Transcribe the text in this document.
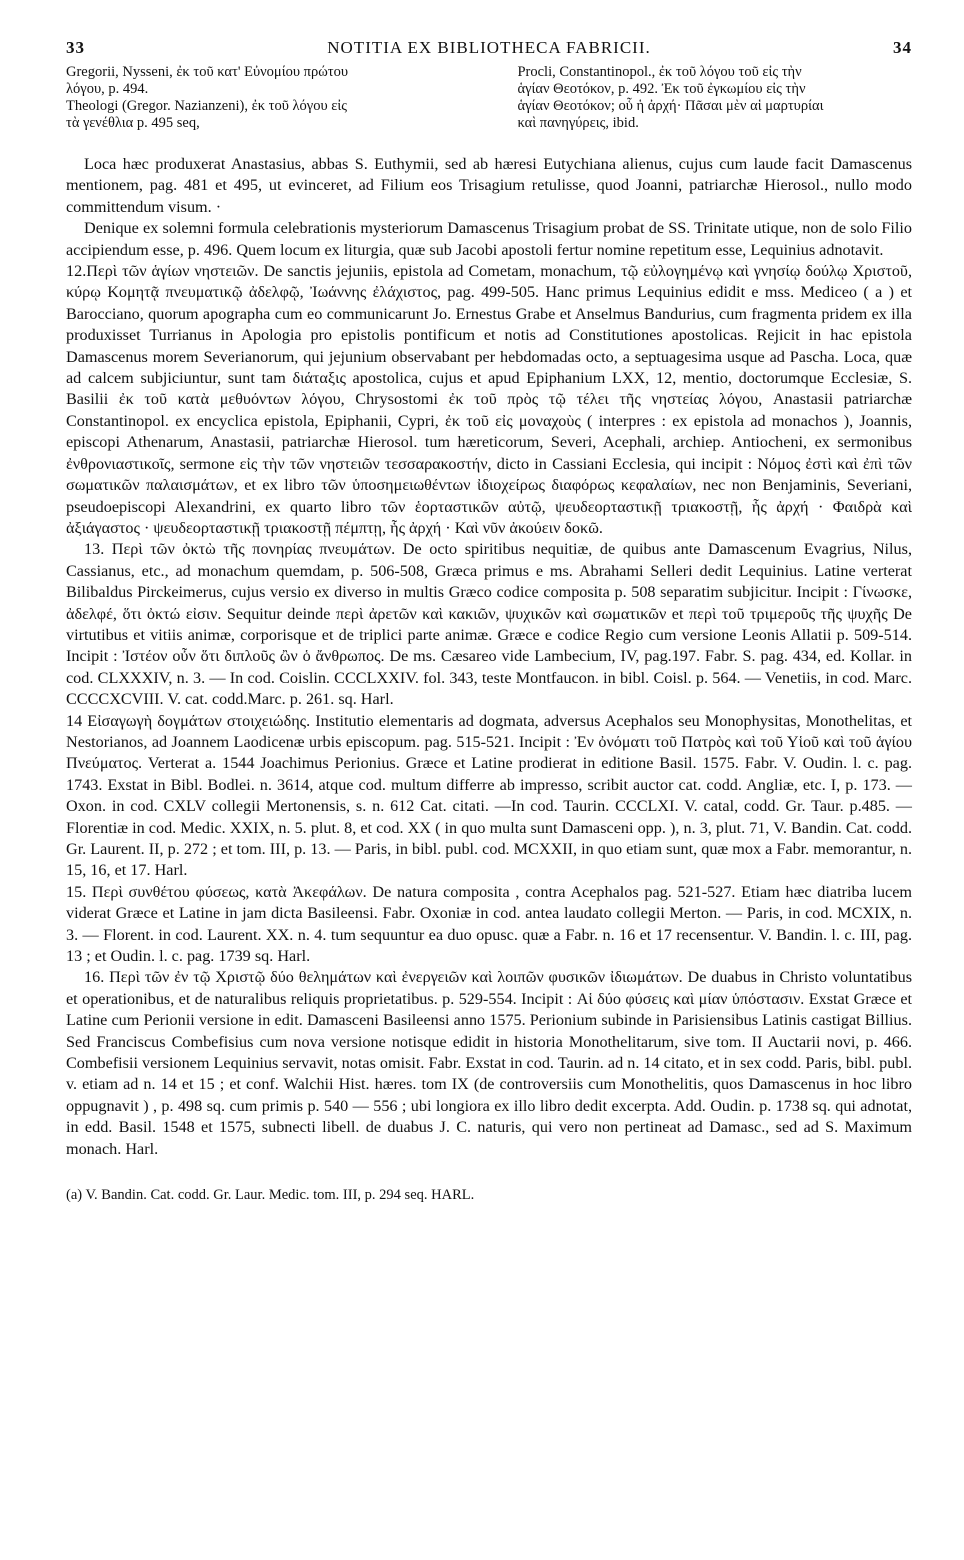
33	NOTITIA EX BIBLIOTHECA FABRICII.	34

Gregorii, Nysseni, ἐκ τοῦ κατ' Εὐνομίου πρώτου

λόγου, p. 494.

Theologi (Gregor. Nazianzeni), ἐκ τοῦ λόγου εἰς

τὰ γενέθλια p. 495 seq,

Procli, Constantinopol., ἐκ τοῦ λόγου τοῦ εἰς τὴν

ἁγίαν Θεοτόκον, p. 492. Ἐκ τοῦ ἐγκωμίου εἰς τὴν

ἁγίαν Θεοτόκον; οὗ ἡ ἀρχή· Πᾶσαι μὲν αἱ μαρτυρίαι

καὶ πανηγύρεις, ibid.

Loca hæc produxerat Anastasius, abbas S. Euthymii, sed ab hæresi Eutychiana alienus, cujus cum laude facit Damascenus mentionem, pag. 481 et 495, ut evinceret, ad Filium eos Trisagium retulisse, quod Joanni, patriarchæ Hierosol., nullo modo committendum visum. ·

Denique ex solemni formula celebrationis mysteriorum Damascenus Trisagium probat de SS. Trinitate utique, non de solo Filio accipiendum esse, p. 496. Quem locum ex liturgia, quæ sub Jacobi apostoli fertur nomine repetitum esse, Lequinius adnotavit.

12.Περὶ τῶν ἁγίων νηστειῶν. De sanctis jejuniis, epistola ad Cometam, monachum, τῷ εὐλογημένῳ καὶ γνησίῳ δούλῳ Χριστοῦ, κύρῳ Κομητᾷ πνευματικῷ ἀδελφῷ, Ἰωάννης ἐλάχιστος, pag. 499-505. Hanc primus Lequinius edidit e mss. Mediceo ( a ) et Barocciano, quorum apographa cum eo communicarunt Jo. Ernestus Grabe et Anselmus Bandurius, cum fragmenta pridem ex illa produxisset Turrianus in Apologia pro epistolis pontificum et notis ad Constitutiones apostolicas. Rejicit in hac epistola Damascenus morem Severianorum, qui jejunium observabant per hebdomadas octo, a septuagesima usque ad Pascha. Loca, quæ ad calcem subjiciuntur, sunt tam διάταξις apostolica, cujus et apud Epiphanium LXX, 12, mentio, doctorumque Ecclesiæ, S. Basilii ἐκ τοῦ κατὰ μεθυόντων λόγου, Chrysostomi ἐκ τοῦ πρὸς τῷ τέλει τῆς νηστείας λόγου, Anastasii patriarchæ Constantinopol. ex encyclica epistola, Epiphanii, Cypri, ἐκ τοῦ εἰς μοναχοὺς ( interpres : ex epistola ad monachos ), Joannis, episcopi Athenarum, Anastasii, patriarchæ Hierosol. tum hæreticorum, Severi, Acephali, archiep. Antiocheni, ex sermonibus ἐνθρονιαστικοῖς, sermone εἰς τὴν τῶν νηστειῶν τεσσαρακοστήν, dicto in Cassiani Ecclesia, qui incipit : Νόμος ἐστὶ καὶ ἐπὶ τῶν σωματικῶν παλαισμάτων, et ex libro τῶν ὑποσημειωθέντων ἰδιοχείρως διαφόρως κεφαλαίων, nec non Benjaminis, Severiani, pseudoepiscopi Alexandrini, ex quarto libro τῶν ἑορταστικῶν αὐτῷ, ψευδεορταστικῇ τριακοστῇ, ἧς ἀρχή · Φαιδρὰ καὶ ἀξιάγαστος · ψευδεορταστικῇ τριακοστῇ πέμπτῃ, ἧς ἀρχή · Καὶ νῦν ἀκούειν δοκῶ.

13. Περὶ τῶν ὀκτὼ τῆς πονηρίας πνευμάτων. De octo spiritibus nequitiæ, de quibus ante Damascenum Evagrius, Nilus, Cassianus, etc., ad monachum quemdam, p. 506-508, Græca primus e ms. Abrahami Selleri dedit Lequinius. Latine verterat Bilibaldus Pirckeimerus, cujus versio ex diverso in multis Græco codice composita p. 508 separatim subjicitur. Incipit : Γίνωσκε, ἀδελφέ, ὅτι ὀκτώ εἰσιν. Sequitur deinde περὶ ἀρετῶν καὶ κακιῶν, ψυχικῶν καὶ σωματικῶν et περὶ τοῦ τριμεροῦς τῆς ψυχῆς De virtutibus et vitiis animæ, corporisque et de triplici parte animæ. Græce e codice Regio cum versione Leonis Allatii p. 509-514. Incipit : Ἰστέον οὖν ὅτι διπλοῦς ὢν ὁ ἄνθρωπος. De ms. Cæsareo vide Lambecium, IV, pag.197. Fabr. S. pag. 434, ed. Kollar. in cod. CLXXXIV, n. 3. — In cod. Coislin. CCCLXXIV. fol. 343, teste Montfaucon. in bibl. Coisl. p. 564. — Venetiis, in cod. Marc. CCCCXCVIII. V. cat. codd.Marc. p. 261. sq. Harl.

14 Εἰσαγωγὴ δογμάτων στοιχειώδης. Institutio elementaris ad dogmata, adversus Acephalos seu Monophysitas, Monothelitas, et Nestorianos, ad Joannem Laodicenæ urbis episcopum. pag. 515-521. Incipit : Ἐν ὀνόματι τοῦ Πατρὸς καὶ τοῦ Υἱοῦ καὶ τοῦ ἁγίου Πνεύματος. Verterat a. 1544 Joachimus Perionius. Græce et Latine prodierat in editione Basil. 1575. Fabr. V. Oudin. l. c. pag. 1743. Exstat in Bibl. Bodlei. n. 3614, atque cod. multum differre ab impresso, scribit auctor cat. codd. Angliæ, etc. I, p. 173. — Oxon. in cod. CXLV collegii Mertonensis, s. n. 612 Cat. citati. —In cod. Taurin. CCCLXI. V. catal, codd. Gr. Taur. p.485. — Florentiæ in cod. Medic. XXIX, n. 5. plut. 8, et cod. XX ( in quo multa sunt Damasceni opp. ), n. 3, plut. 71, V. Bandin. Cat. codd. Gr. Laurent. II, p. 272 ; et tom. III, p. 13. — Paris, in bibl. publ. cod. MCXXII, in quo etiam sunt, quæ mox a Fabr. memorantur, n. 15, 16, et 17. Harl.

15. Περὶ συνθέτου φύσεως, κατὰ Ἀκεφάλων. De natura composita , contra Acephalos pag. 521-527. Etiam hæc diatriba lucem viderat Græce et Latine in jam dicta Basileensi. Fabr. Oxoniæ in cod. antea laudato collegii Merton. — Paris, in cod. MCXIX, n. 3. — Florent. in cod. Laurent. XX. n. 4. tum sequuntur ea duo opusc. quæ a Fabr. n. 16 et 17 recensentur. V. Bandin. l. c. III, pag. 13 ; et Oudin. l. c. pag. 1739 sq. Harl.

16. Περὶ τῶν ἐν τῷ Χριστῷ δύο θελημάτων καὶ ἐνεργειῶν καὶ λοιπῶν φυσικῶν ἰδιωμάτων. De duabus in Christo voluntatibus et operationibus, et de naturalibus reliquis proprietatibus. p. 529-554. Incipit : Αἱ δύο φύσεις καὶ μίαν ὑπόστασιν. Exstat Græce et Latine cum Perionii versione in edit. Damasceni Basileensi anno 1575. Perionium subinde in Parisiensibus Latinis castigat Billius. Sed Franciscus Combefisius cum nova versione notisque edidit in historia Monothelitarum, sive tom. II Auctarii novi, p. 466. Combefisii versionem Lequinius servavit, notas omisit. Fabr. Exstat in cod. Taurin. ad n. 14 citato, et in sex codd. Paris, bibl. publ. v. etiam ad n. 14 et 15 ; et conf. Walchii Hist. hæres. tom IX (de controversiis cum Monothelitis, quos Damascenus in hoc libro oppugnavit ) , p. 498 sq. cum primis p. 540 — 556 ; ubi longiora ex illo libro dedit excerpta. Add. Oudin. p. 1738 sq. qui adnotat, in edd. Basil. 1548 et 1575, subnecti libell. de duabus J. C. naturis, qui vero non pertineat ad Damasc., sed ad S. Maximum monach. Harl.

(a) V. Bandin. Cat. codd. Gr. Laur. Medic. tom. III, p. 294 seq. HARL.
